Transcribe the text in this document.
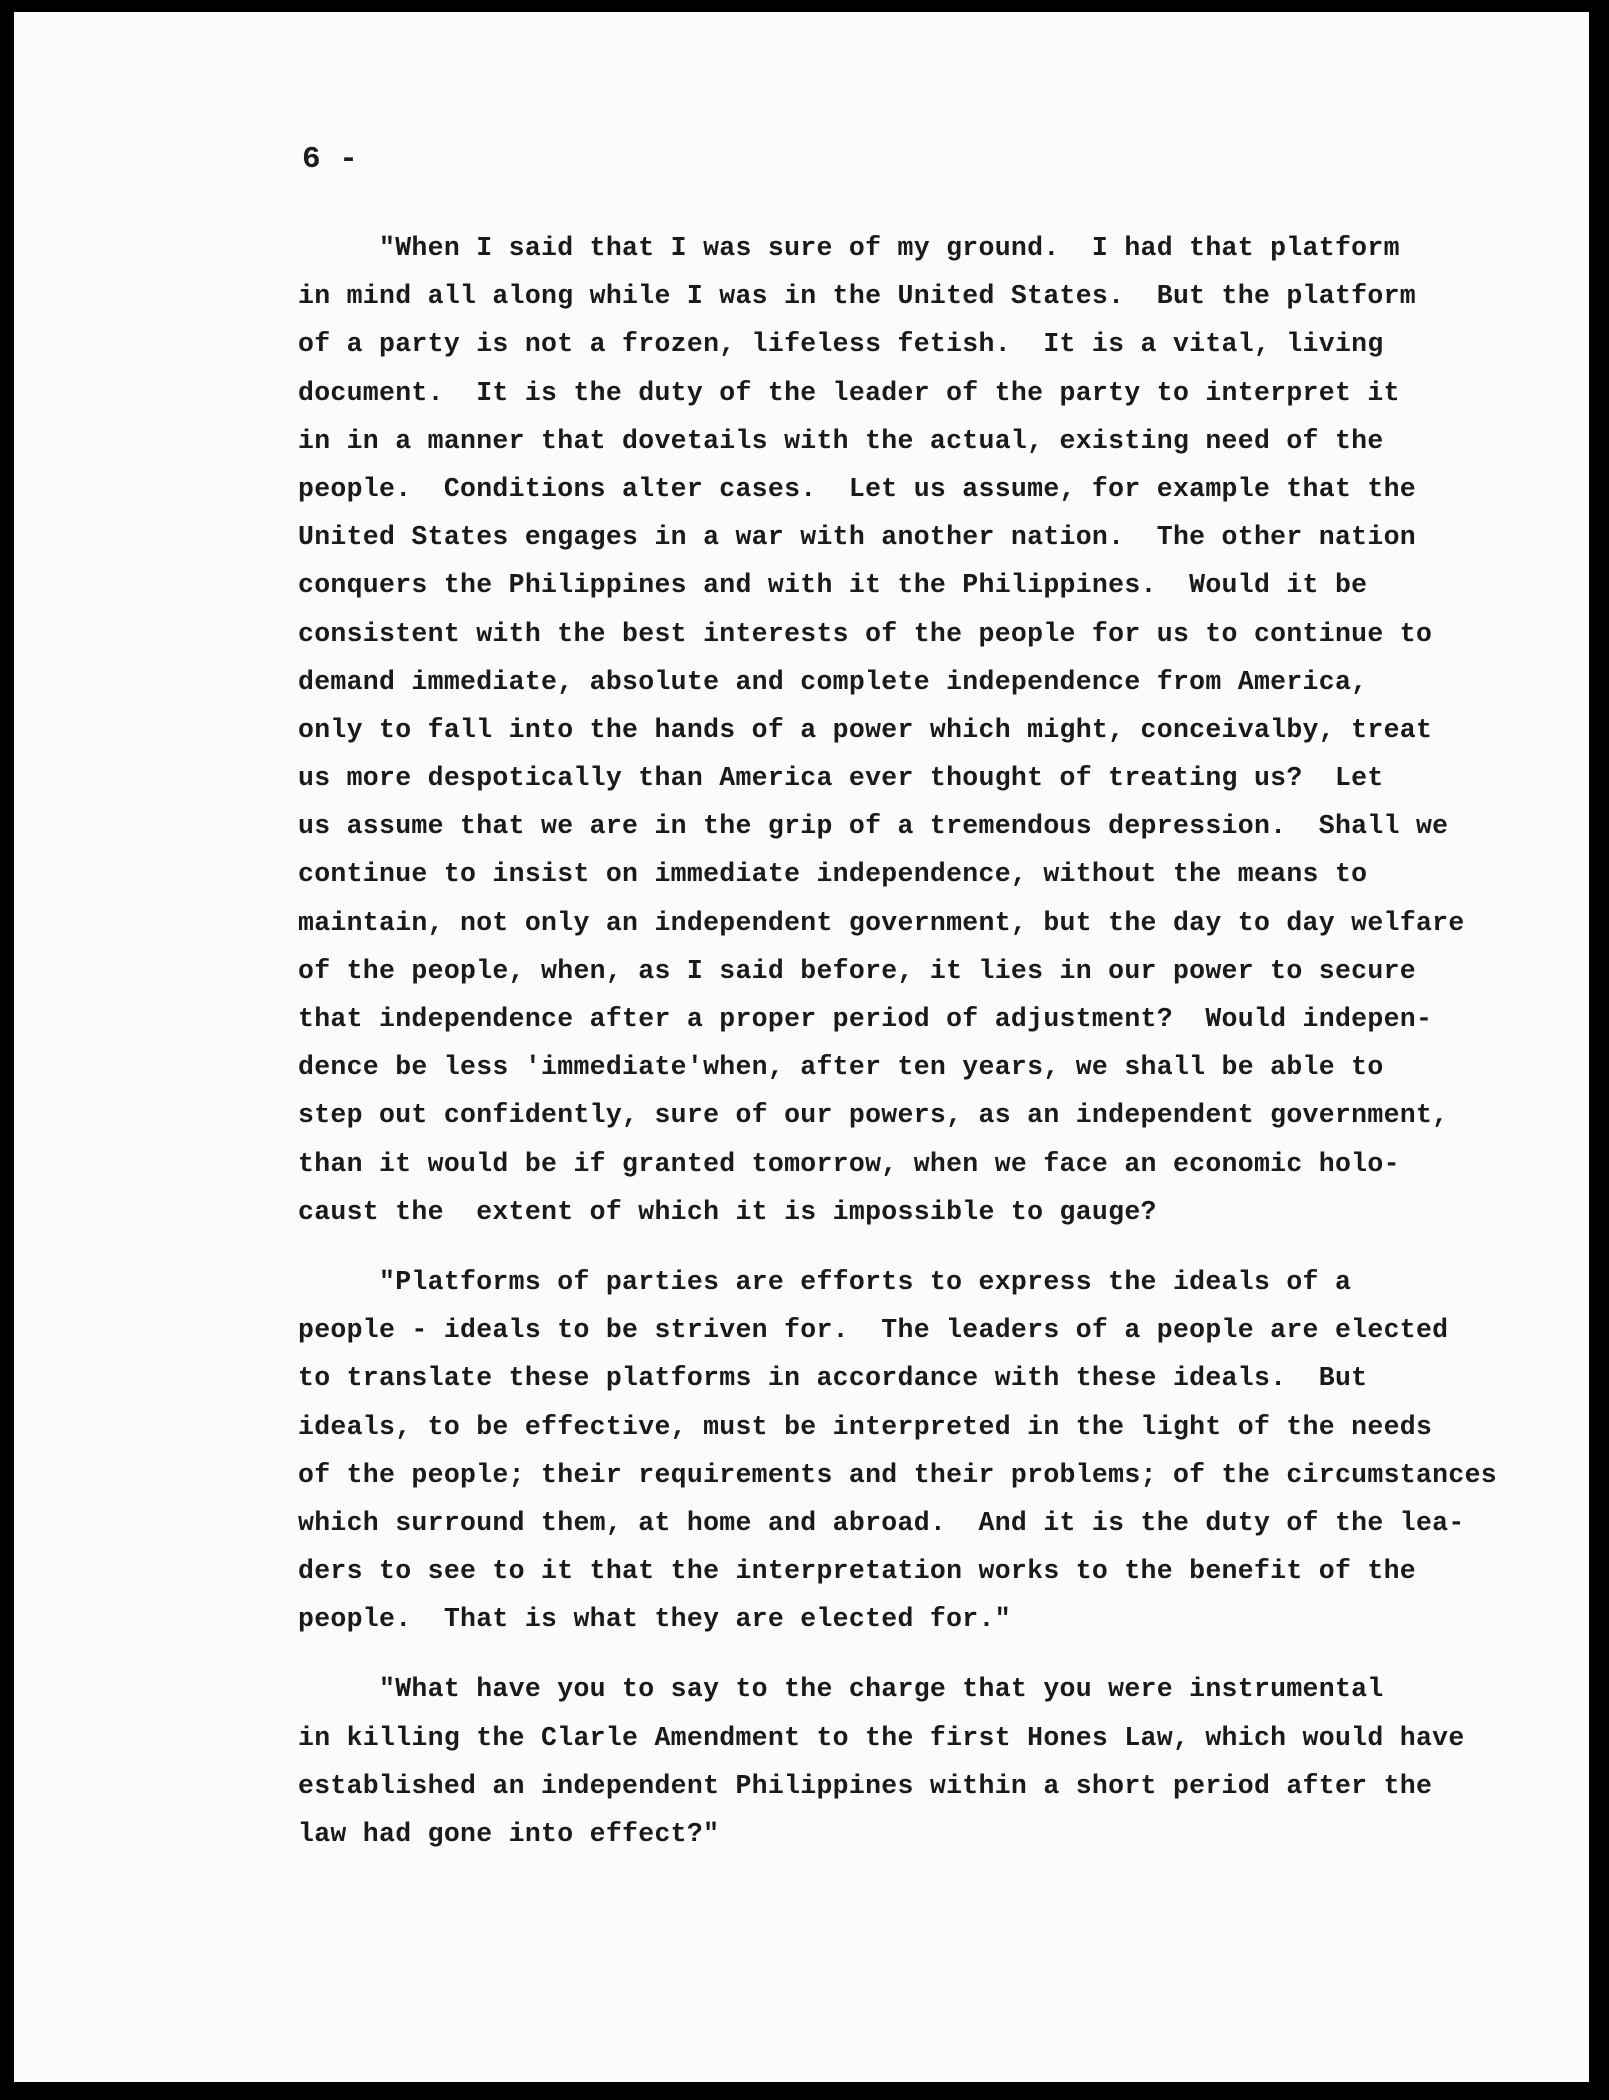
6 -

"When I said that I was sure of my ground.  I had that platform
in mind all along while I was in the United States.  But the platform
of a party is not a frozen, lifeless fetish.  It is a vital, living
document.  It is the duty of the leader of the party to interpret it
in in a manner that dovetails with the actual, existing need of the
people.  Conditions alter cases.  Let us assume, for example that the
United States engages in a war with another nation.  The other nation
conquers the Philippines and with it the Philippines.  Would it be
consistent with the best interests of the people for us to continue to
demand immediate, absolute and complete independence from America,
only to fall into the hands of a power which might, conceivalby, treat
us more despotically than America ever thought of treating us?  Let
us assume that we are in the grip of a tremendous depression.  Shall we
continue to insist on immediate independence, without the means to
maintain, not only an independent government, but the day to day welfare
of the people, when, as I said before, it lies in our power to secure
that independence after a proper period of adjustment?  Would indepen-
dence be less 'immediate'when, after ten years, we shall be able to
step out confidently, sure of our powers, as an independent government,
than it would be if granted tomorrow, when we face an economic holo-
caust the  extent of which it is impossible to gauge?

"Platforms of parties are efforts to express the ideals of a
people - ideals to be striven for.  The leaders of a people are elected
to translate these platforms in accordance with these ideals.  But
ideals, to be effective, must be interpreted in the light of the needs
of the people; their requirements and their problems; of the circumstances
which surround them, at home and abroad.  And it is the duty of the lea-
ders to see to it that the interpretation works to the benefit of the
people.  That is what they are elected for."

"What have you to say to the charge that you were instrumental
in killing the Clarle Amendment to the first Hones Law, which would have
established an independent Philippines within a short period after the
law had gone into effect?"
